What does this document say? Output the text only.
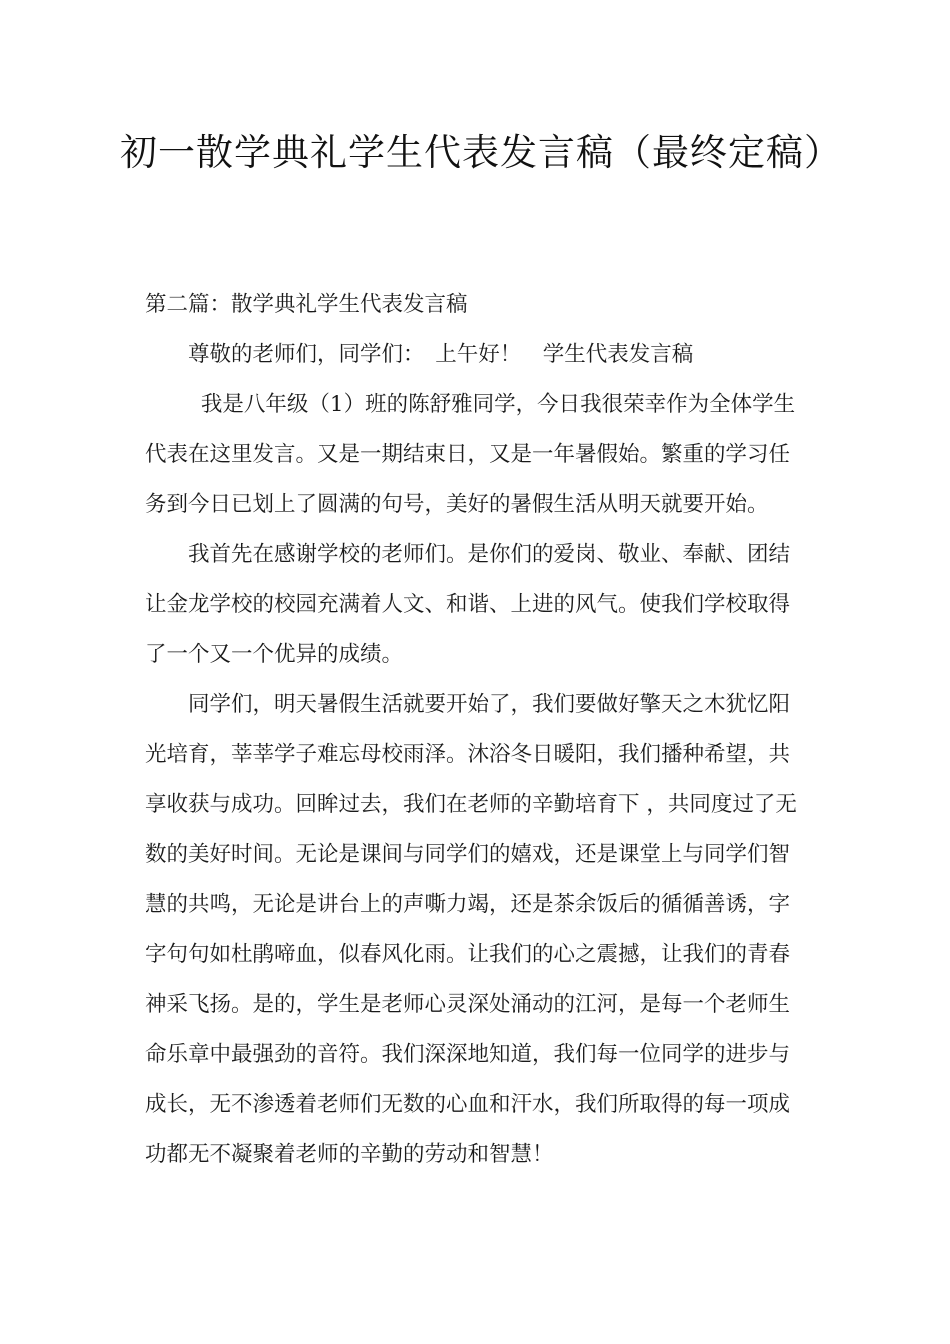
初一散学典礼学生代表发言稿（最终定稿）

第二篇：散学典礼学生代表发言稿

尊敬的老师们，同学们：　上午好！　学生代表发言稿

我是八年级（1）班的陈舒雅同学，今日我很荣幸作为全体学生代表在这里发言。又是一期结束日，又是一年暑假始。繁重的学习任务到今日已划上了圆满的句号，美好的暑假生活从明天就要开始。

我首先在感谢学校的老师们。是你们的爱岗、敬业、奉献、团结让金龙学校的校园充满着人文、和谐、上进的风气。使我们学校取得了一个又一个优异的成绩。

同学们，明天暑假生活就要开始了，我们要做好擎天之木犹忆阳光培育，莘莘学子难忘母校雨泽。沐浴冬日暖阳，我们播种希望，共享收获与成功。回眸过去，我们在老师的辛勤培育下 ，共同度过了无数的美好时间。无论是课间与同学们的嬉戏，还是课堂上与同学们智慧的共鸣，无论是讲台上的声嘶力竭，还是茶余饭后的循循善诱，字字句句如杜鹃啼血，似春风化雨。让我们的心之震撼，让我们的青春神采飞扬。是的，学生是老师心灵深处涌动的江河，是每一个老师生命乐章中最强劲的音符。我们深深地知道，我们每一位同学的进步与成长，无不渗透着老师们无数的心血和汗水，我们所取得的每一项成功都无不凝聚着老师的辛勤的劳动和智慧！
